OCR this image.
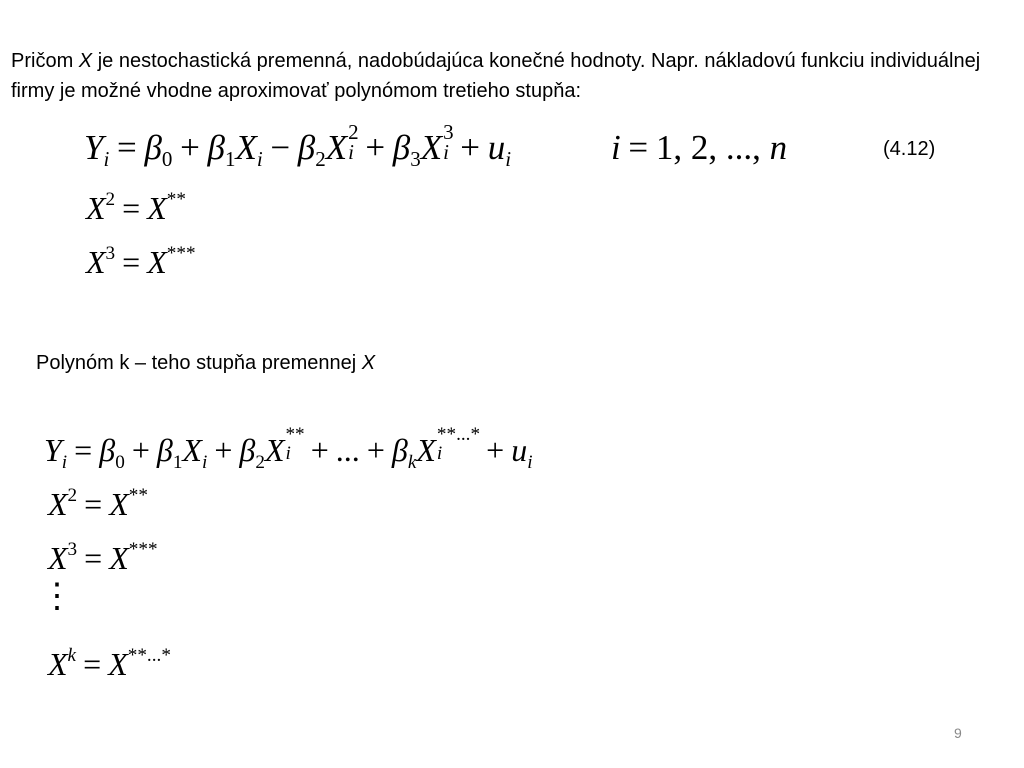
Pričom X je nestochastická premenná, nadobúdajúca konečné hodnoty. Napr. nákladovú funkciu individuálnej firmy je možné vhodne aproximovať polynómom tretieho stupňa:
$Y_i = \beta_0 + \beta_1X_i - \beta_2X$ 2
$i + \beta_3X$ 3
$i + u_i$	i = 1, 2, ..., n	(4.12)
$X^2 = X^{**}$
$X^3 = X^{***}$
Polynóm k – teho stupňa premennej X
$Y_i = \beta_0 + \beta_1X_i + \beta_2X$ **
i + ... + $\beta_kX$ **...*
$i + u_i$
$X^2 = X^{**}$
$X^3 = X^{***}$
⋮
$X^k = X^{**...*}$
9
